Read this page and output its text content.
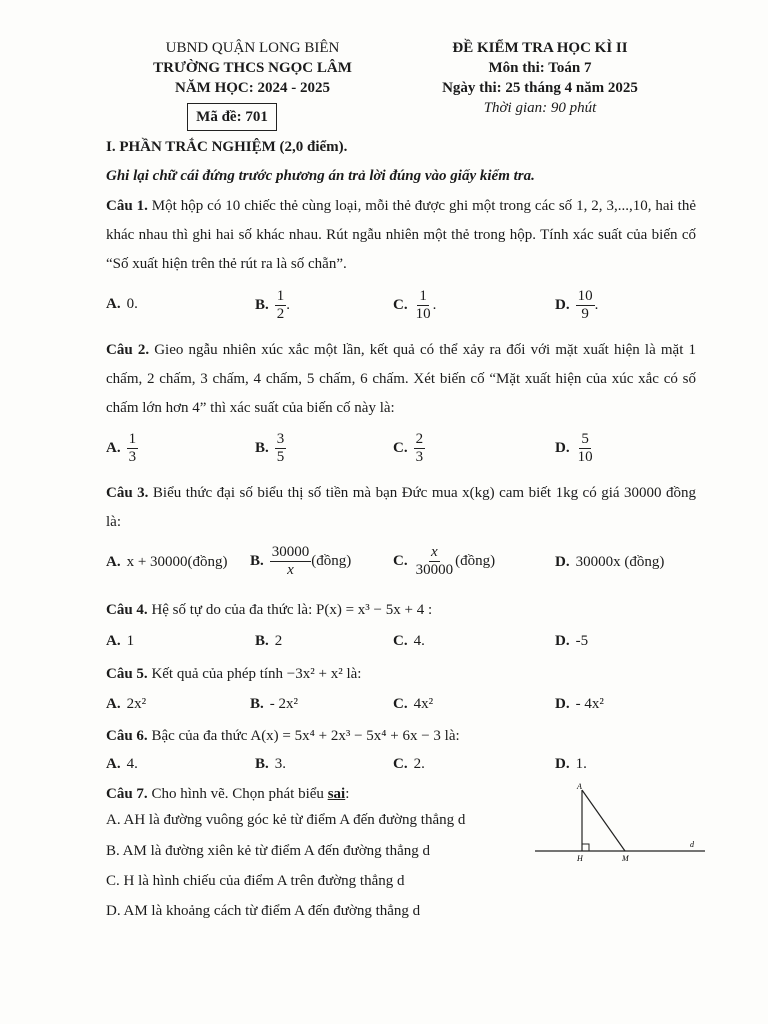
UBND QUẬN LONG BIÊN
TRƯỜNG THCS NGỌC LÂM
NĂM HỌC: 2024 - 2025
Mã đề: 701
ĐỀ KIỂM TRA HỌC KÌ II
Môn thi: Toán 7
Ngày thi: 25 tháng 4 năm 2025
Thời gian: 90 phút
I. PHẦN TRẮC NGHIỆM (2,0 điểm).
Ghi lại chữ cái đứng trước phương án trả lời đúng vào giấy kiểm tra.
Câu 1. Một hộp có 10 chiếc thẻ cùng loại, mỗi thẻ được ghi một trong các số 1, 2, 3,...,10, hai thẻ khác nhau thì ghi hai số khác nhau. Rút ngẫu nhiên một thẻ trong hộp. Tính xác suất của biến cố “Số xuất hiện trên thẻ rút ra là số chẵn”.
A. 0.	B. $\frac{1}{2}$ .	C. $\frac{1}{10}$ .	D. $\frac{10}{9}$ .
Câu 2. Gieo ngẫu nhiên xúc xắc một lần, kết quả có thể xảy ra đối với mặt xuất hiện là mặt 1 chấm, 2 chấm, 3 chấm, 4 chấm, 5 chấm, 6 chấm. Xét biến cố “Mặt xuất hiện của xúc xắc có số chấm lớn hơn 4” thì xác suất của biến cố này là:
A. $\frac{1}{3}$	B. $\frac{3}{5}$	C. $\frac{2}{3}$	D. $\frac{5}{10}$
Câu 3. Biểu thức đại số biểu thị số tiền mà bạn Đức mua x(kg) cam biết 1kg có giá 30000 đồng là:
A. x + 30000(đồng) B. $\frac{30000}{x}$ (đồng)	C. $\frac{x}{30000}$ (đồng)	D. 30000x (đồng)
Câu 4. Hệ số tự do của đa thức là: P(x) = x³ − 5x + 4 :
A. 1	B. 2	C. 4.	D. -5
Câu 5. Kết quả của phép tính −3x² + x² là:
A. 2x²	B. - 2x²	C. 4x²	D. - 4x²
Câu 6. Bậc của đa thức A(x) = 5x⁴ + 2x³ − 5x⁴ + 6x − 3 là:
A. 4.	B. 3.	C. 2.	D. 1.
Câu 7. Cho hình vẽ. Chọn phát biểu sai:
A. AH là đường vuông góc kẻ từ điểm A đến đường thẳng d
B. AM là đường xiên kẻ từ điểm A đến đường thẳng d
C. H là hình chiếu của điểm A trên đường thẳng d
D. AM là khoảng cách từ điểm A đến đường thẳng d
A
H	M
d
